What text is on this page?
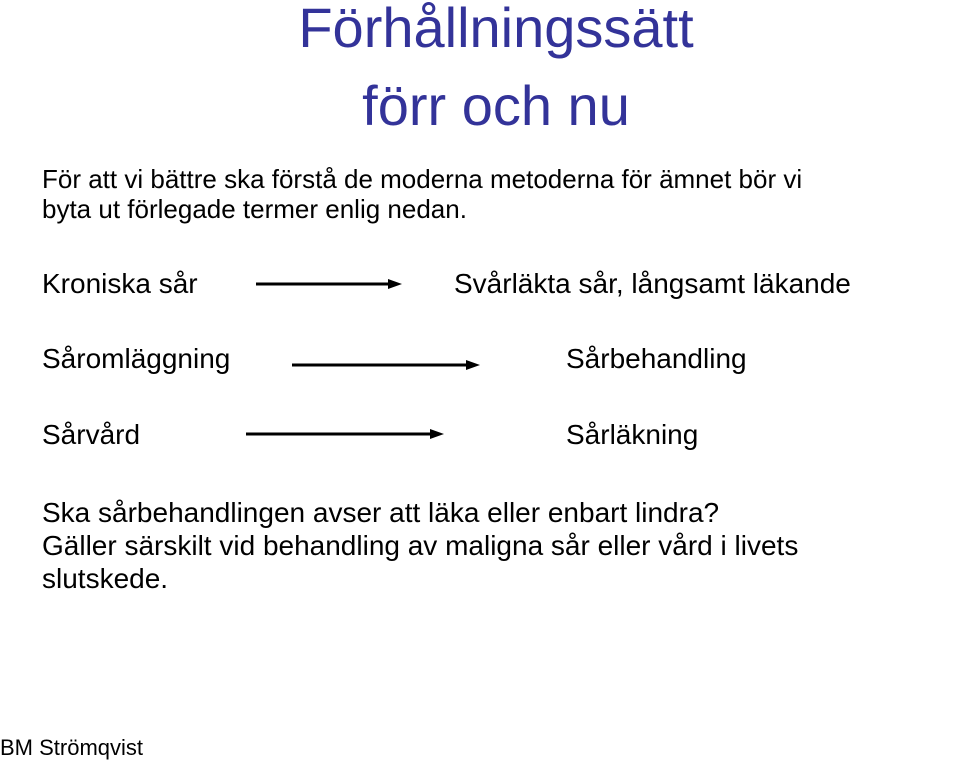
Förhållningssätt
förr och nu
För att vi bättre ska förstå de moderna metoderna för ämnet bör vi
byta ut förlegade termer enlig nedan.
Kroniska sår	Svårläkta sår, långsamt läkande
Såromläggning	Sårbehandling
Sårvård	Sårläkning
Ska sårbehandlingen avser att läka eller enbart lindra?
Gäller särskilt vid behandling av maligna sår eller vård i livets
slutskede.
BM Strömqvist
